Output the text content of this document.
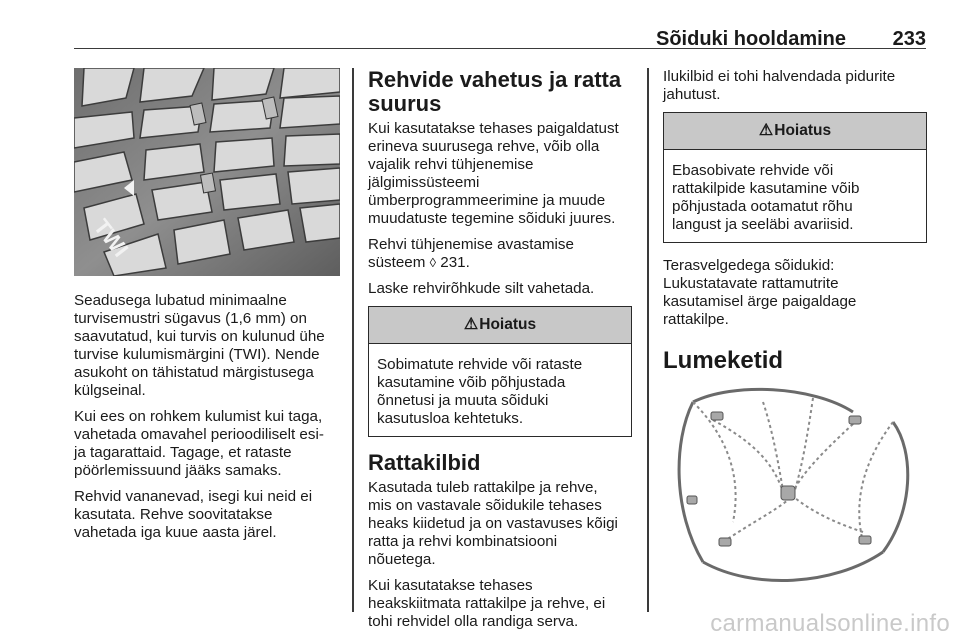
Sõiduki hooldamine 233
TWI

Seadusega lubatud minimaalne
turvisemustri sügavus (1,6 mm) on
saavutatud, kui turvis on kulunud ühe
turvise kulumismärgini (TWI). Nende
asukoht on tähistatud märgistusega
külgseinal.

Kui ees on rohkem kulumist kui taga,
vahetada omavahel perioodiliselt esi-
ja tagarattaid. Tagage, et rataste
pöörlemissuund jääks samaks.

Rehvid vananevad, isegi kui neid ei
kasutata. Rehve soovitatakse
vahetada iga kuue aasta järel.

Rehvide vahetus ja ratta
suurus

Kui kasutatakse tehases paigaldatust
erineva suurusega rehve, võib olla
vajalik rehvi tühjenemise
jälgimissüsteemi
ümberprogrammeerimine ja muude
muudatuste tegemine sõiduki juures.

Rehvi tühjenemise avastamise
süsteem ◊ 231.

Laske rehvirõhkude silt vahetada.

⚠ Hoiatus
Sobimatute rehvide või rataste
kasutamine võib põhjustada
õnnetusi ja muuta sõiduki
kasutusloa kehtetuks.
Rattakilbid

Kasutada tuleb rattakilpe ja rehve,
mis on vastavale sõidukile tehases
heaks kiidetud ja on vastavuses kõigi
ratta ja rehvi kombinatsiooni
nõuetega.

Kui kasutatakse tehases
heakskiitmata rattakilpe ja rehve, ei
tohi rehvidel olla randiga serva.

Ilukilbid ei tohi halvendada pidurite
jahutust.

⚠ Hoiatus
Ebasobivate rehvide või
rattakilpide kasutamine võib
põhjustada ootamatut rõhu
langust ja seeläbi avariisid.

Terasvelgedega sõidukid:
Lukustatavate rattamutrite
kasutamisel ärge paigaldage
rattakilpe.

Lumeketid
carmanualsonline.info
